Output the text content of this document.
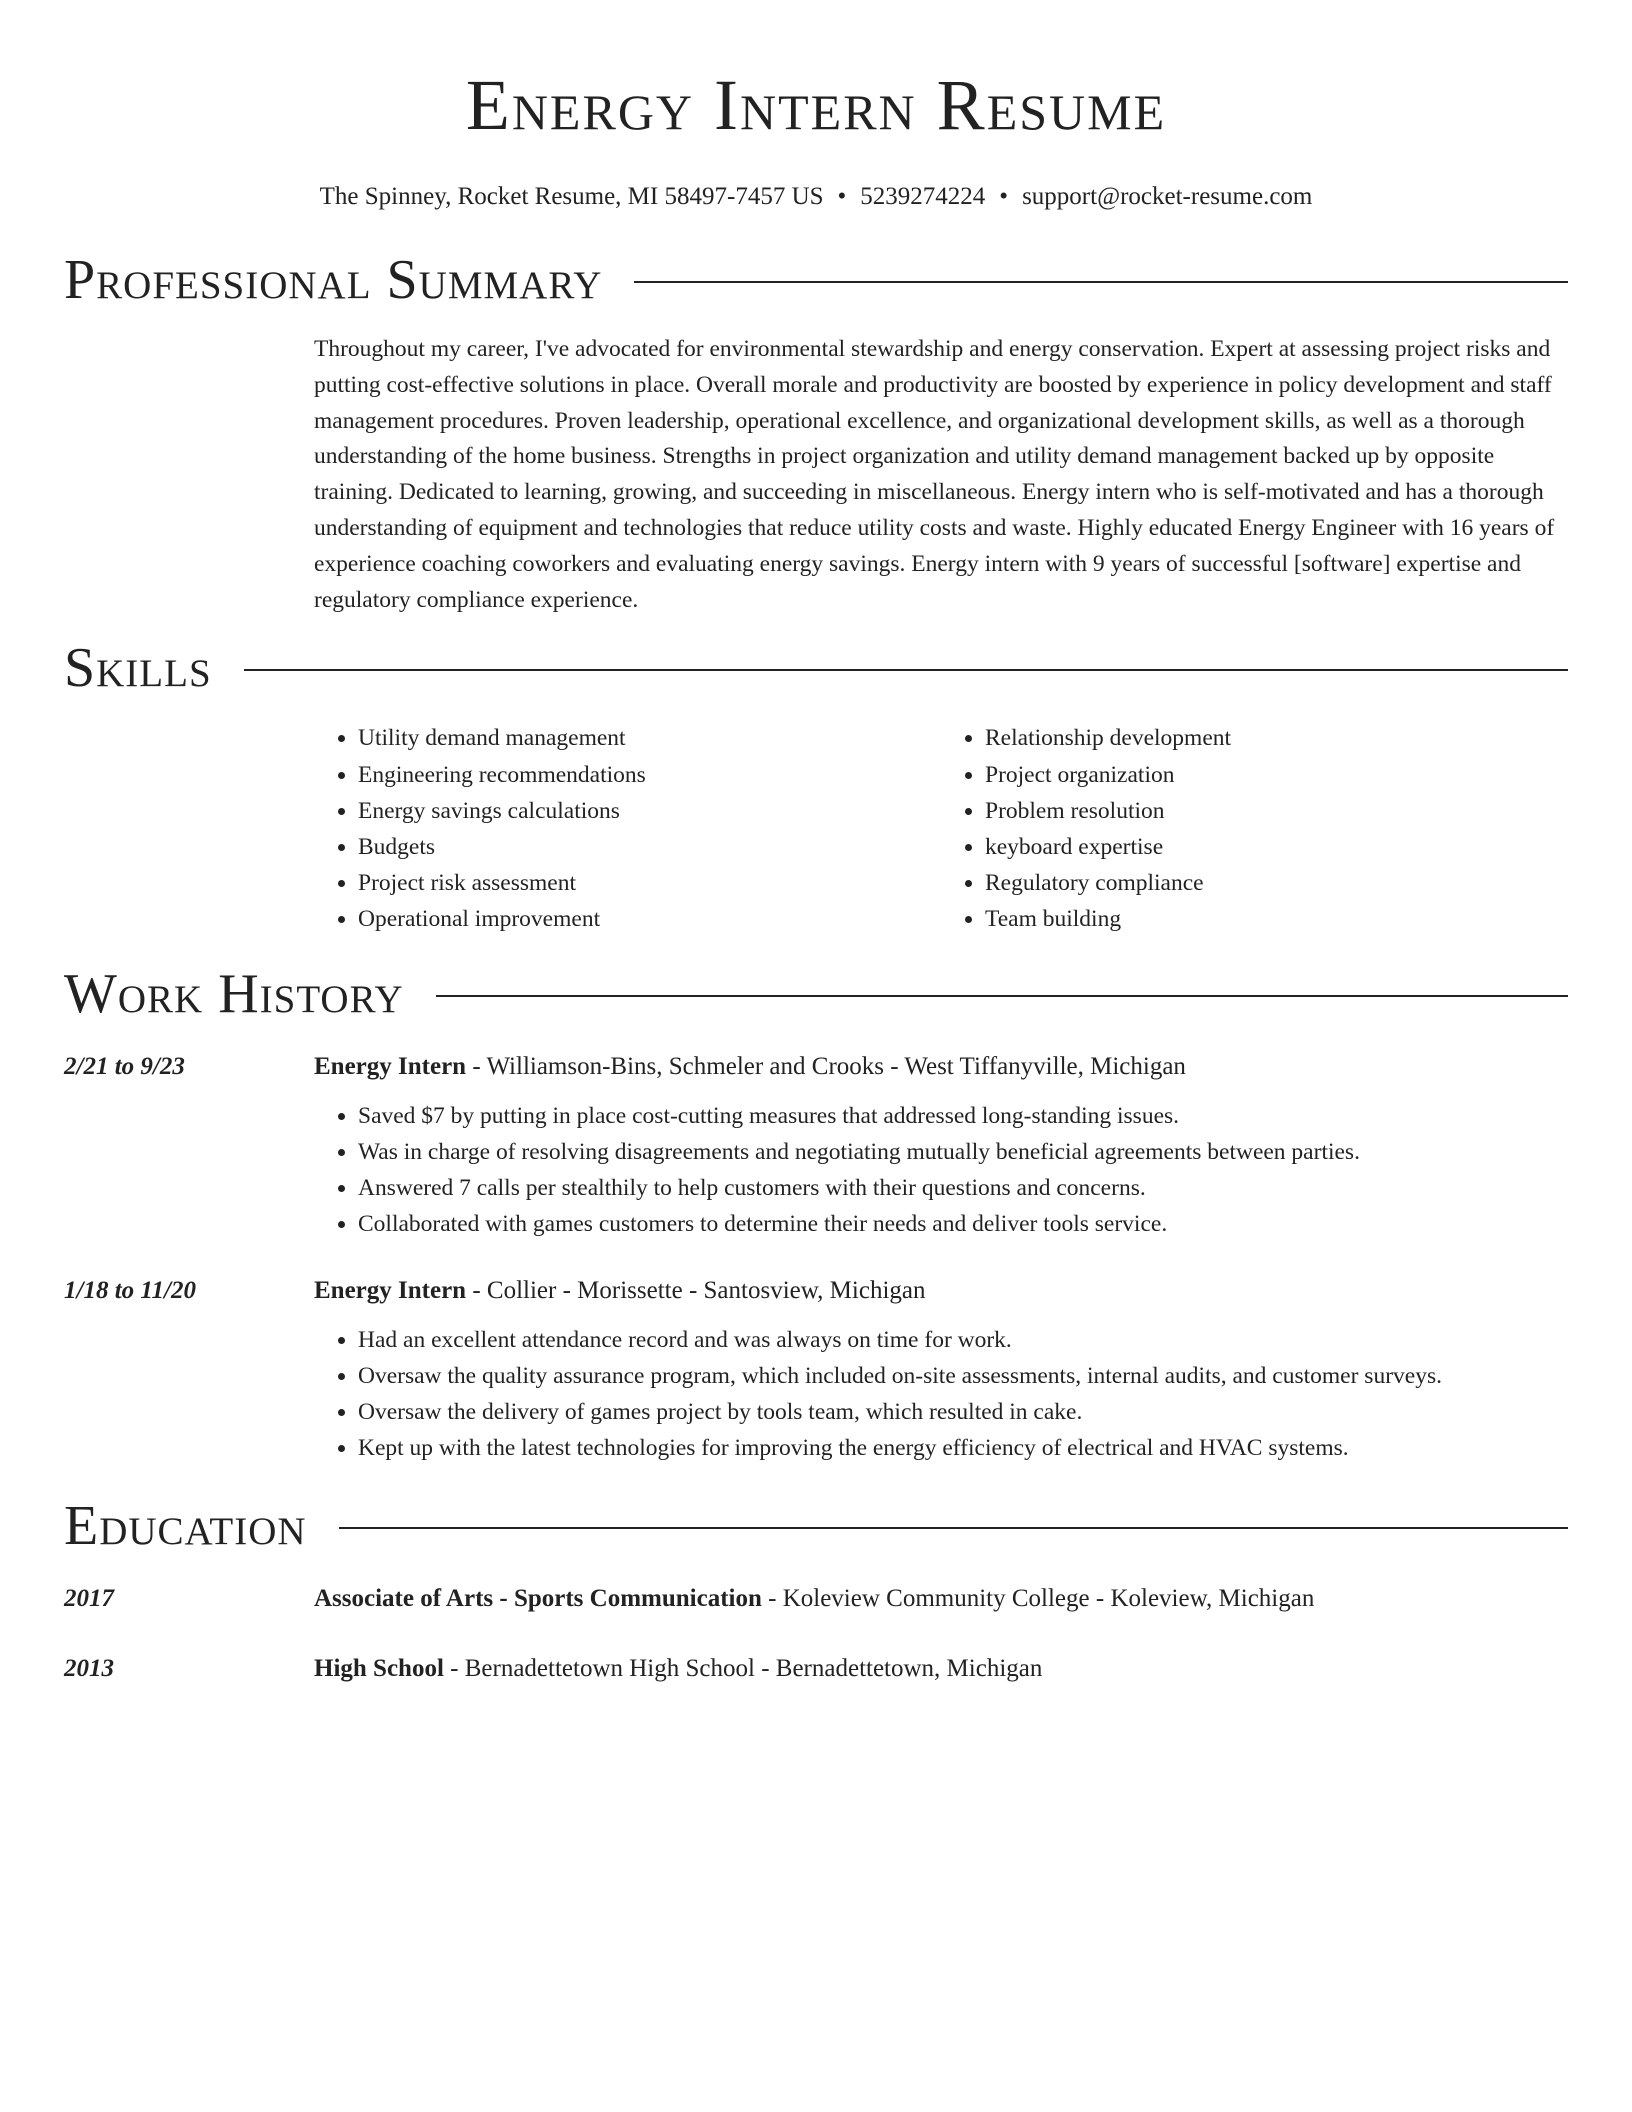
Energy Intern Resume
The Spinney, Rocket Resume, MI 58497-7457 US • 5239274224 • support@rocket-resume.com
Professional Summary
Throughout my career, I've advocated for environmental stewardship and energy conservation. Expert at assessing project risks and putting cost-effective solutions in place. Overall morale and productivity are boosted by experience in policy development and staff management procedures. Proven leadership, operational excellence, and organizational development skills, as well as a thorough understanding of the home business. Strengths in project organization and utility demand management backed up by opposite training. Dedicated to learning, growing, and succeeding in miscellaneous. Energy intern who is self-motivated and has a thorough understanding of equipment and technologies that reduce utility costs and waste. Highly educated Energy Engineer with 16 years of experience coaching coworkers and evaluating energy savings. Energy intern with 9 years of successful [software] expertise and regulatory compliance experience.
Skills
• Utility demand management
• Engineering recommendations
• Energy savings calculations
• Budgets
• Project risk assessment
• Operational improvement
• Relationship development
• Project organization
• Problem resolution
• keyboard expertise
• Regulatory compliance
• Team building
Work History
2/21 to 9/23	Energy Intern - Williamson-Bins, Schmeler and Crooks - West Tiffanyville, Michigan
• Saved $7 by putting in place cost-cutting measures that addressed long-standing issues.
• Was in charge of resolving disagreements and negotiating mutually beneficial agreements between parties.
• Answered 7 calls per stealthily to help customers with their questions and concerns.
• Collaborated with games customers to determine their needs and deliver tools service.
1/18 to 11/20	Energy Intern - Collier - Morissette - Santosview, Michigan
• Had an excellent attendance record and was always on time for work.
• Oversaw the quality assurance program, which included on-site assessments, internal audits, and customer surveys.
• Oversaw the delivery of games project by tools team, which resulted in cake.
• Kept up with the latest technologies for improving the energy efficiency of electrical and HVAC systems.
Education
2017	Associate of Arts - Sports Communication - Koleview Community College - Koleview, Michigan
2013	High School - Bernadettetown High School - Bernadettetown, Michigan
